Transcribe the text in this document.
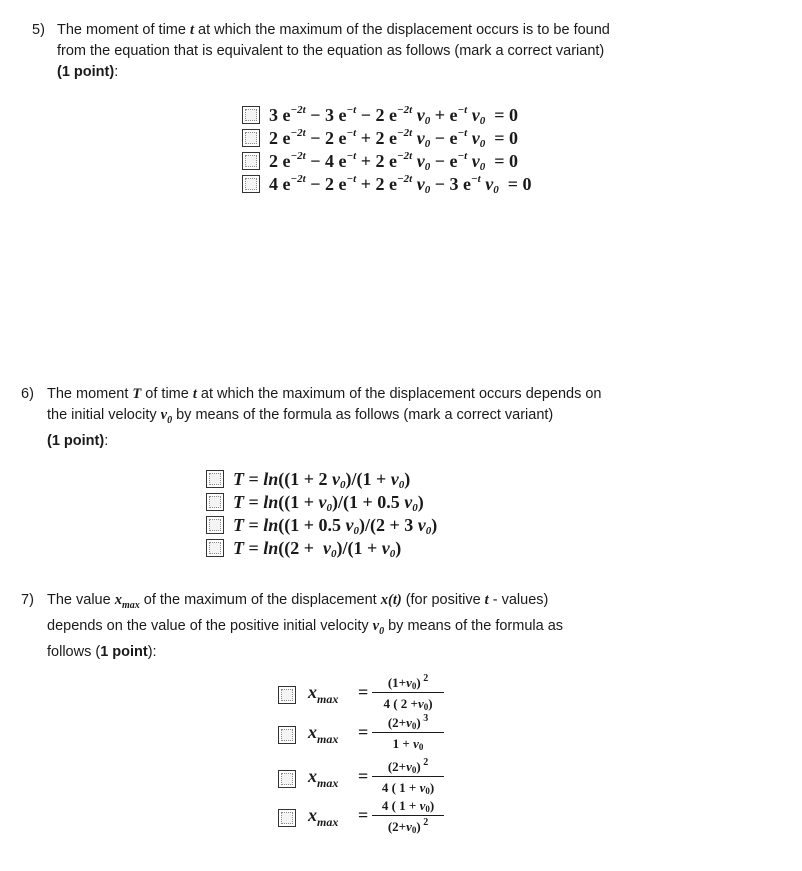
5) The moment of time t at which the maximum of the displacement occurs is to be found
from the equation that is equivalent to the equation as follows (mark a correct variant)
(1 point):
3 $e^{-2t} - 3$ $e^{-t} - 2$ $e^{-2t}$ $v_0 + e^{-t}$ $v_0 = 0$
2 $e^{-2t} - 2$ $e^{-t} + 2$ $e^{-2t}$ $v_0 - e^{-t}$ $v_0 = 0$
2 $e^{-2t} - 4$ $e^{-t} + 2$ $e^{-2t}$ $v_0 - e^{-t}$ $v_0 = 0$
4 $e^{-2t} - 2$ $e^{-t} + 2$ $e^{-2t}$ $v_0 - 3$ $e^{-t}$ $v_0 = 0$
6) The moment T of time t at which the maximum of the displacement occurs depends on
the initial velocity $v_0$ by means of the formula as follows (mark a correct variant)
(1 point):
T = ln((1 + 2 $v_0)/(1 + v_0)$
$T = \ln((1 + v_0)/(1 + 0.5$ $v_0$)
T = ln((1 + 0.5 $v_0)/(2 + 3$ $v_0$)
$T = \ln((2 + v_0)/(1 + v_0)$
7) The value $x_{max}$ of the maximum of the displacement x(t) (for positive t - values)
depends on the value of the positive initial velocity $v_0$ by means of the formula as
follows (1 point):
$x_{max}$ =	$(1+v_0)$ $^2$
4 ( $2 +v_0$)
$x_{max}$ =	$(2+v_0)$ $^3$
$1 + v_0$
$x_{max}$ =	$(2+v_0)$ $^2$
4 ( $1 + v_0$)
$x_{max}$ =	4 ( $1 + v_0$)
$(2+v_0)$ $^2$
